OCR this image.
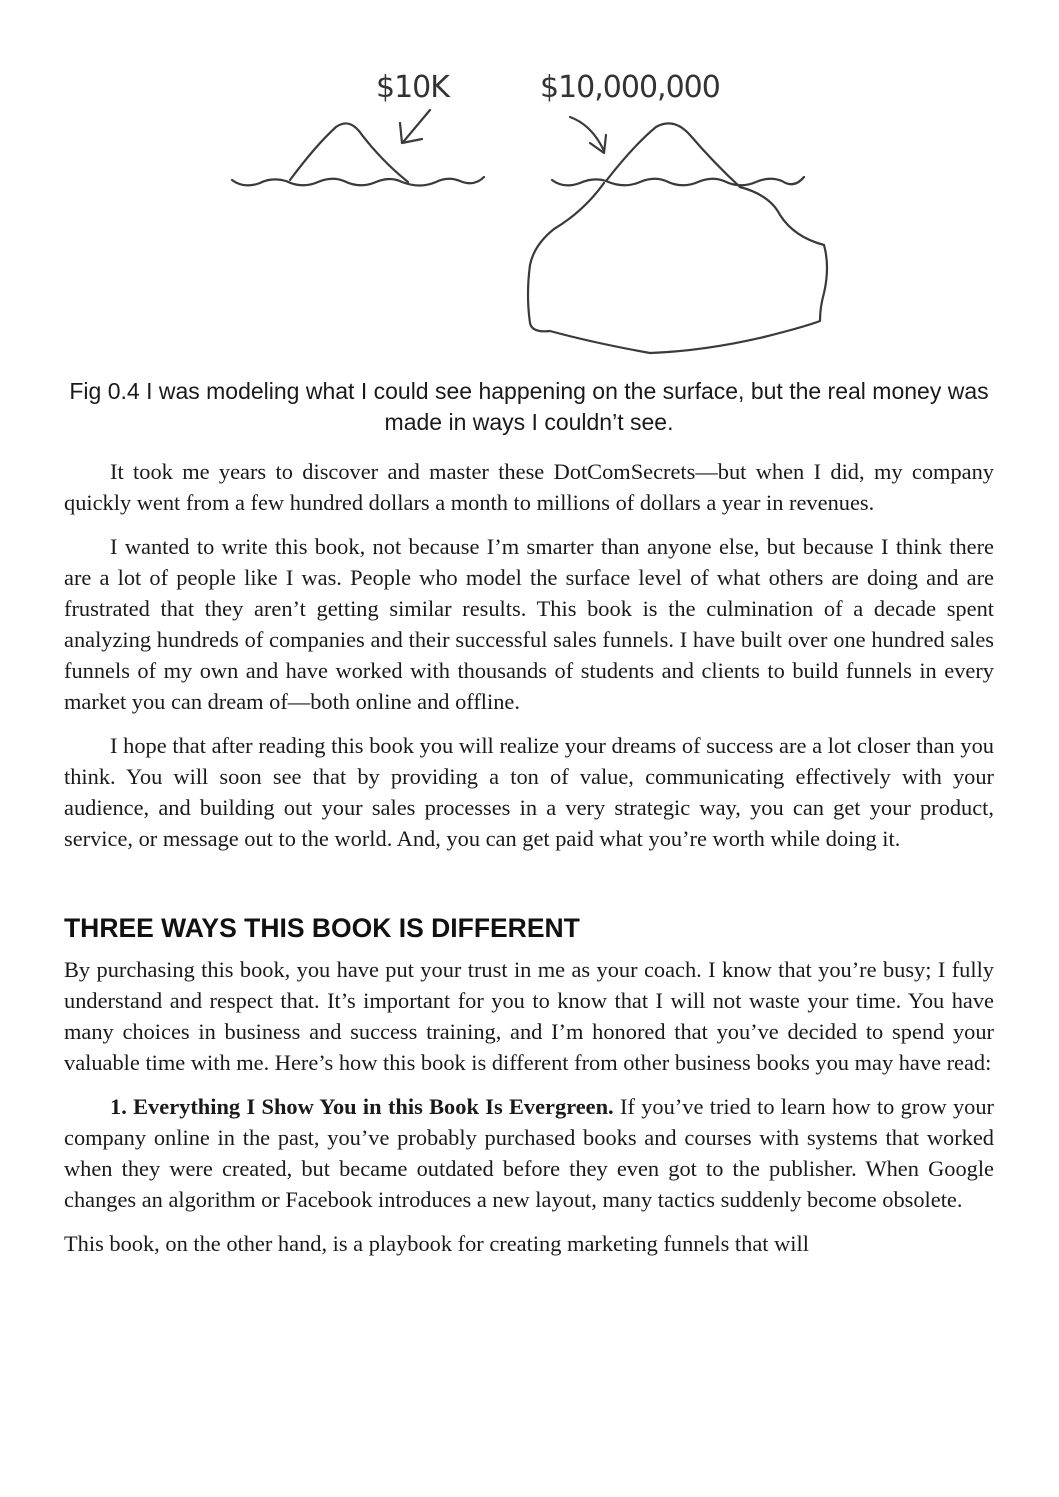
$10K	$10,000,000
Fig 0.4 I was modeling what I could see happening on the surface, but the real money was made in ways I couldn’t see.

It took me years to discover and master these DotComSecrets—but when I did, my company quickly went from a few hundred dollars a month to millions of dollars a year in revenues.

I wanted to write this book, not because I’m smarter than anyone else, but because I think there are a lot of people like I was. People who model the surface level of what others are doing and are frustrated that they aren’t getting similar results. This book is the culmination of a decade spent analyzing hundreds of companies and their successful sales funnels. I have built over one hundred sales funnels of my own and have worked with thousands of students and clients to build funnels in every market you can dream of—both online and offline.

I hope that after reading this book you will realize your dreams of success are a lot closer than you think. You will soon see that by providing a ton of value, communicating effectively with your audience, and building out your sales processes in a very strategic way, you can get your product, service, or message out to the world. And, you can get paid what you’re worth while doing it.

THREE WAYS THIS BOOK IS DIFFERENT

By purchasing this book, you have put your trust in me as your coach. I know that you’re busy; I fully understand and respect that. It’s important for you to know that I will not waste your time. You have many choices in business and success training, and I’m honored that you’ve decided to spend your valuable time with me. Here’s how this book is different from other business books you may have read:

1. Everything I Show You in this Book Is Evergreen. If you’ve tried to learn how to grow your company online in the past, you’ve probably purchased books and courses with systems that worked when they were created, but became outdated before they even got to the publisher. When Google changes an algorithm or Facebook introduces a new layout, many tactics suddenly become obsolete.

This book, on the other hand, is a playbook for creating marketing funnels that will
